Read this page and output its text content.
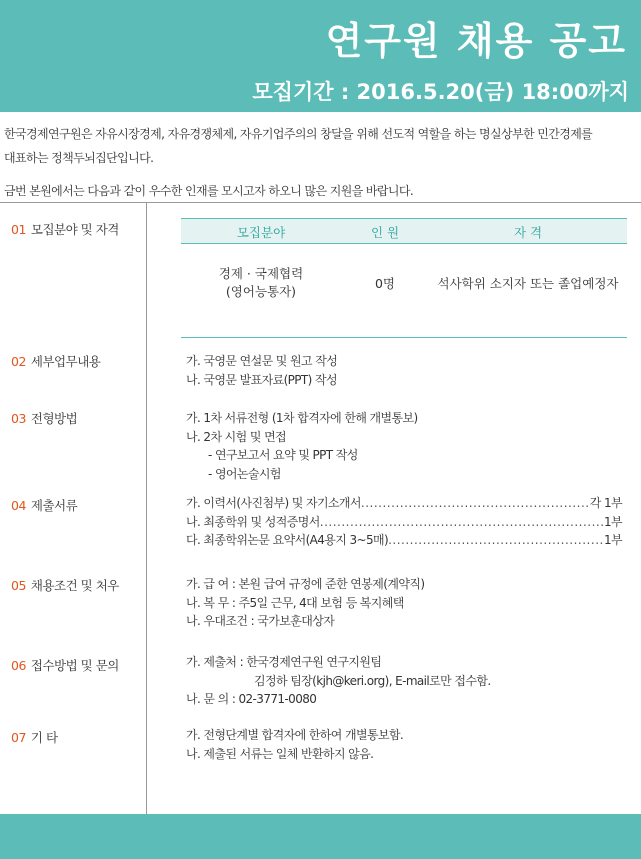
연구원 채용 공고
모집기간 : 2016.5.20(금) 18:00까지

한국경제연구원은 자유시장경제, 자유경쟁체제, 자유기업주의의 창달을 위해 선도적 역할을 하는 명실상부한 민간경제를

대표하는 정책두뇌집단입니다.

금번 본원에서는 다음과 같이 우수한 인재를 모시고자 하오니 많은 지원을 바랍니다.

01 모집분야 및 자격	모집분야	인 원	자 격
경제 · 국제협력
(영어능통자)
0명	석사학위 소지자 또는 졸업예정자
02 세부업무내용	가. 국영문 연설문 및 원고 작성
나. 국영문 발표자료(PPT) 작성
03 전형방법	가. 1차 서류전형 (1차 합격자에 한해 개별통보)
나. 2차 시험 및 면접
- 연구보고서 요약 및 PPT 작성
- 영어논술시험
04 제출서류	가. 이력서(사진첨부) 및 자기소개서 .....	각 1부
나. 최종학위 및 성적증명서 .....	1부
다. 최종학위논문 요약서(A4용지 3~5매) .....	1부
05 채용조건 및 처우	가. 급 여 : 본원 급여 규정에 준한 연봉제(계약직)
나. 복 무 : 주5일 근무, 4대 보험 등 복지혜택
나. 우대조건 : 국가보훈대상자
06 접수방법 및 문의	가. 제출처 : 한국경제연구원 연구지원팀
김정하 팀장(kjh@keri.org), E-mail로만 접수함.
나. 문 의 : 02-3771-0080
07 기 타	가. 전형단계별 합격자에 한하여 개별통보함.
나. 제출된 서류는 일체 반환하지 않음.
